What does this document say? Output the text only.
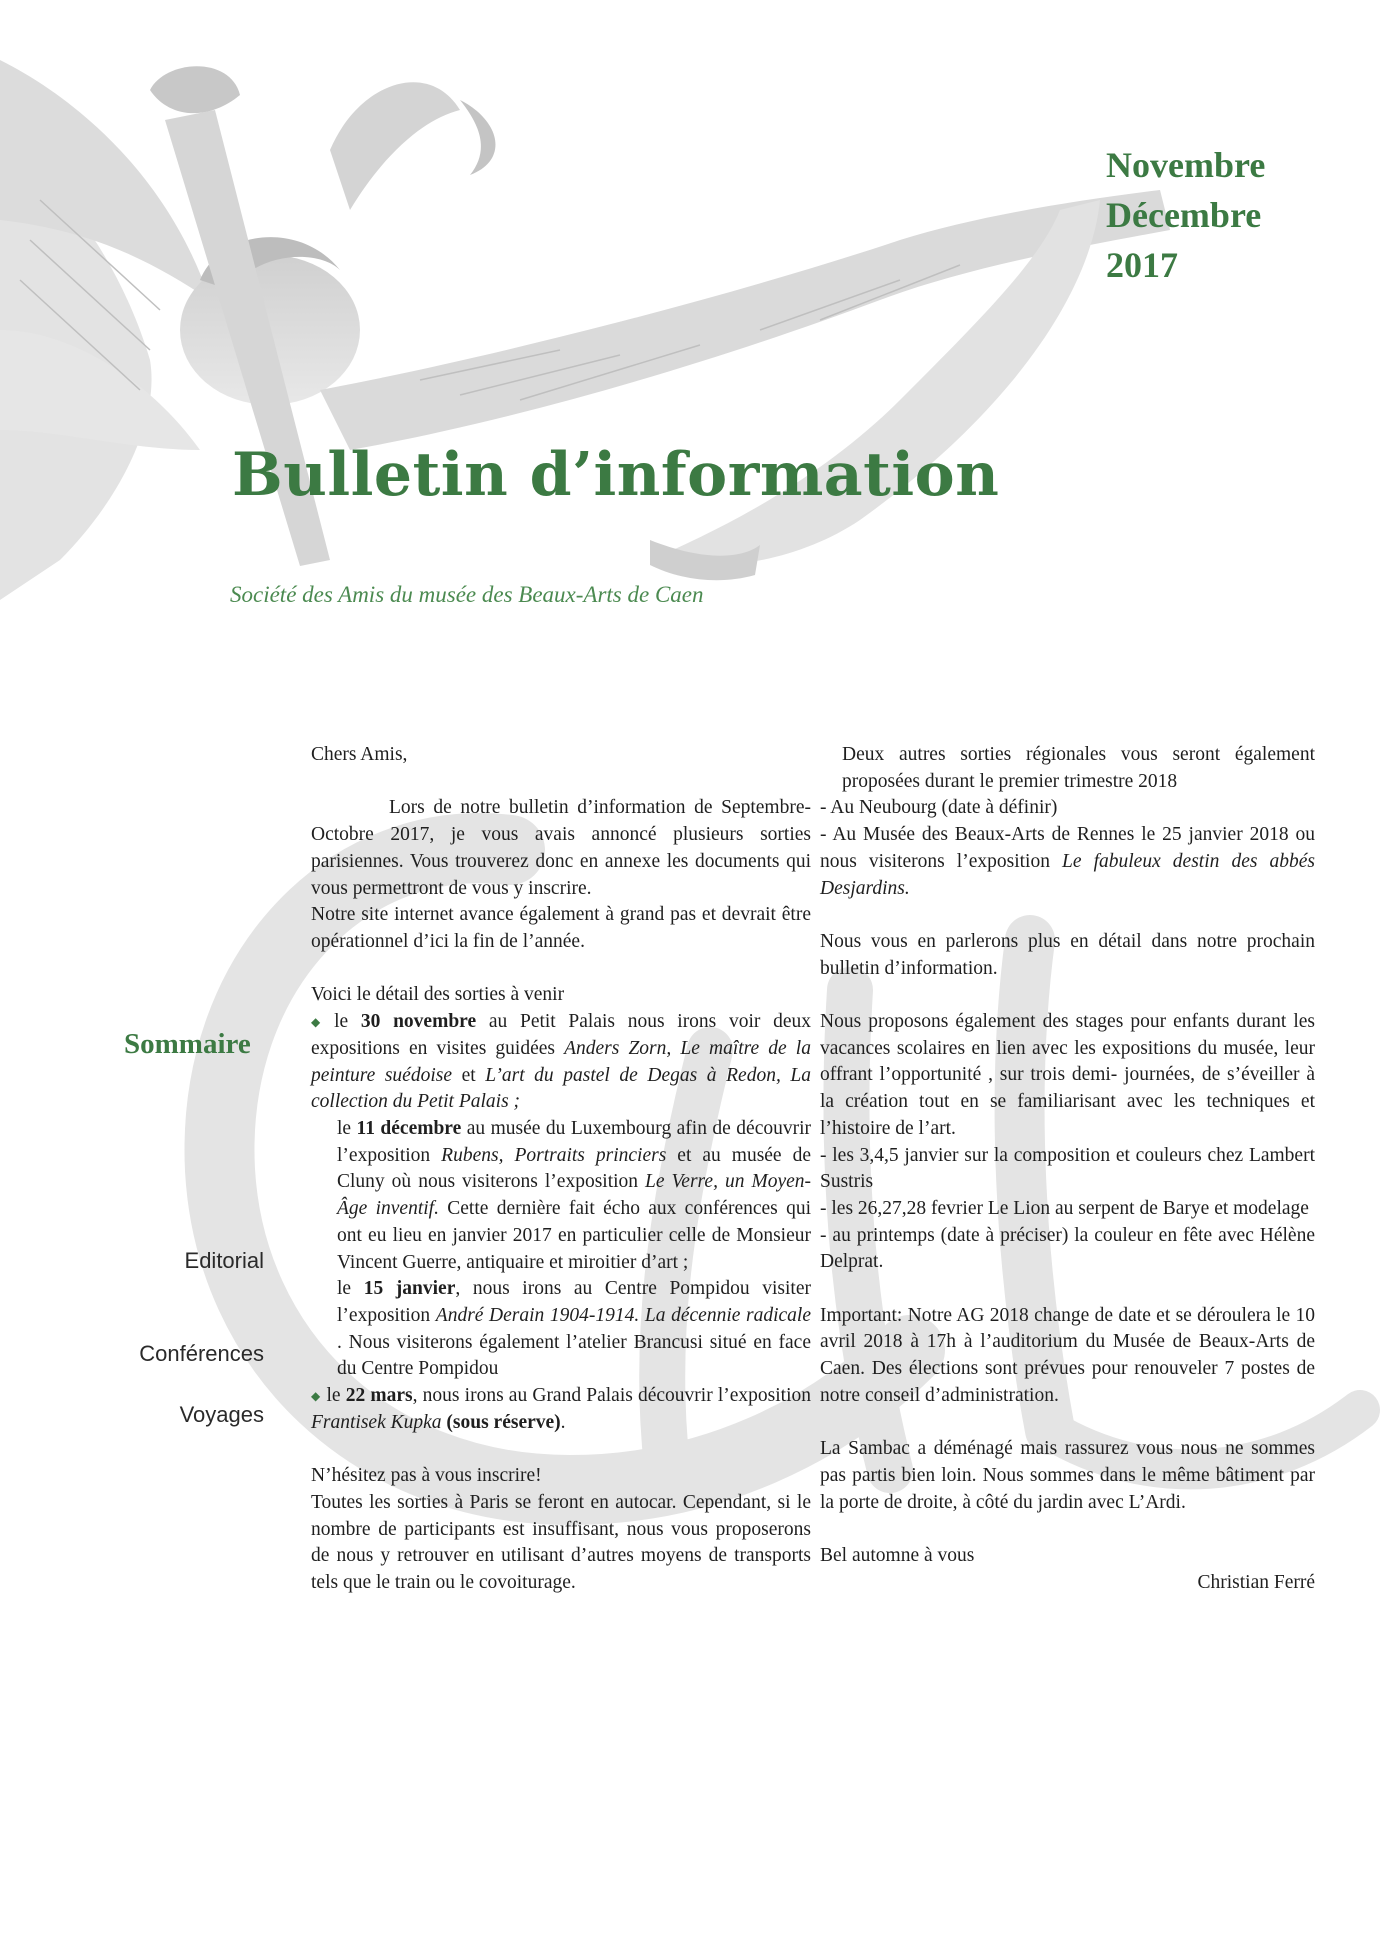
Novembre
Décembre
2017
Bulletin d’information
Société des Amis du musée des Beaux-Arts de Caen
Sommaire
Editorial
Conférences
Voyages

Chers Amis,

Lors de notre bulletin d’information de Septembre-Octobre 2017, je vous avais annoncé plusieurs sorties parisiennes. Vous trouverez donc en annexe les documents qui vous permettront de vous y inscrire.

Notre site internet avance également à grand pas et devrait être opérationnel d’ici la fin de l’année.

Voici le détail des sorties à venir

◆ le 30 novembre au Petit Palais nous irons voir deux expositions en visites guidées Anders Zorn, Le maître de la peinture suédoise et L’art du pastel de Degas à Redon, La collection du Petit Palais ;

le 11 décembre au musée du Luxembourg afin de découvrir l’exposition Rubens, Portraits princiers et au musée de Cluny où nous visiterons l’exposition Le Verre, un Moyen- Âge inventif. Cette dernière fait écho aux conférences qui ont eu lieu en janvier 2017 en particulier celle de Monsieur Vincent Guerre, antiquaire et miroitier d’art ;

le 15 janvier, nous irons au Centre Pompidou visiter l’exposition André Derain 1904-1914. La décennie radicale . Nous visiterons également l’atelier Brancusi situé en face du Centre Pompidou

◆ le 22 mars, nous irons au Grand Palais découvrir l’exposition Frantisek Kupka (sous réserve).

N’hésitez pas à vous inscrire!

Toutes les sorties à Paris se feront en autocar. Cependant, si le nombre de participants est insuffisant, nous vous proposerons de nous y retrouver en utilisant d’autres moyens de transports tels que le train ou le covoiturage.

Deux autres sorties régionales vous seront également proposées durant le premier trimestre 2018

- Au Neubourg (date à définir)

- Au Musée des Beaux-Arts de Rennes le 25 janvier 2018 ou nous visiterons l’exposition Le fabuleux destin des abbés Desjardins.

Nous vous en parlerons plus en détail dans notre prochain bulletin d’information.

Nous proposons également des stages pour enfants durant les vacances scolaires en lien avec les expositions du musée, leur offrant l’opportunité , sur trois demi- journées, de s’éveiller à la création tout en se familiarisant avec les techniques et l’histoire de l’art.

- les 3,4,5 janvier sur la composition et couleurs chez Lambert Sustris

- les 26,27,28 fevrier Le Lion au serpent de Barye et modelage

- au printemps (date à préciser) la couleur en fête avec Hélène Delprat.

Important: Notre AG 2018 change de date et se déroulera le 10 avril 2018 à 17h à l’auditorium du Musée de Beaux-Arts de Caen. Des élections sont prévues pour renouveler 7 postes de notre conseil d’administration.

La Sambac a déménagé mais rassurez vous nous ne sommes pas partis bien loin. Nous sommes dans le même bâtiment par la porte de droite, à côté du jardin avec L’Ardi.

Bel automne à vous

Christian Ferré
